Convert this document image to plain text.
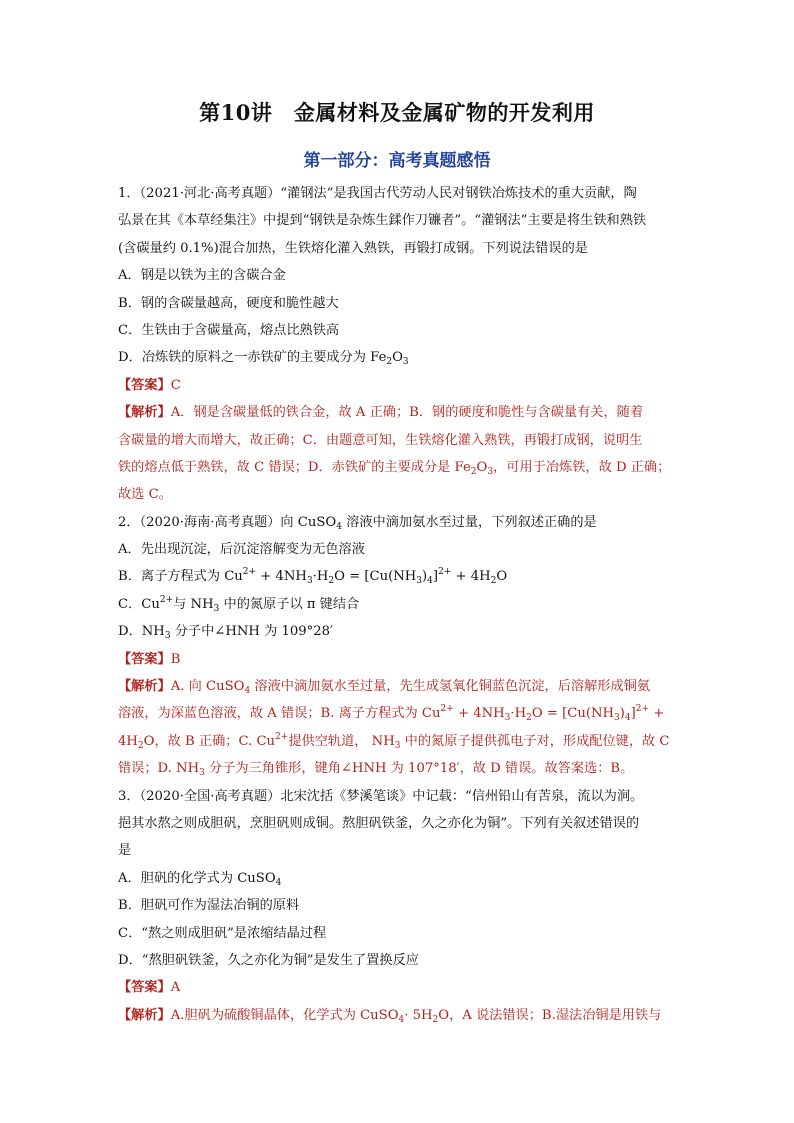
第10讲　金属材料及金属矿物的开发利用
第一部分：高考真题感悟
1．（2021·河北·高考真题）“灌钢法”是我国古代劳动人民对钢铁冶炼技术的重大贡献，陶
弘景在其《本草经集注》中提到“钢铁是杂炼生鍒作刀镰者”。“灌钢法”主要是将生铁和熟铁
(含碳量约 0.1%)混合加热，生铁熔化灌入熟铁，再锻打成钢。下列说法错误的是
A．钢是以铁为主的含碳合金
B．钢的含碳量越高，硬度和脆性越大
C．生铁由于含碳量高，熔点比熟铁高
D．冶炼铁的原料之一赤铁矿的主要成分为 $Fe_2O_3$
【答案】C
【解析】A．钢是含碳量低的铁合金，故 A 正确；B．钢的硬度和脆性与含碳量有关，随着
含碳量的增大而增大，故正确；C．由题意可知，生铁熔化灌入熟铁，再锻打成钢，说明生
铁的熔点低于熟铁，故 C 错误；D．赤铁矿的主要成分是 $Fe_2O_3$，可用于冶炼铁，故 D 正确；
故选 C。
2．（2020·海南·高考真题）向 CuSO$_4$ 溶液中滴加氨水至过量，下列叙述正确的是
A．先出现沉淀，后沉淀溶解变为无色溶液
B．离子方程式为 $Cu^{2+} + 4NH_3\cdot H_2O = [Cu(NH_3)_4]^{2+} + 4H_2O$
C．$Cu^{2+}$与 $NH_3$ 中的氮原子以 π 键结合
D．$NH_3$ 分子中∠HNH 为 109°28′
【答案】B
【解析】A. 向 CuSO$_4$ 溶液中滴加氨水至过量，先生成氢氧化铜蓝色沉淀，后溶解形成铜氨
溶液，为深蓝色溶液，故 A 错误；B. 离子方程式为 $Cu^{2+} + 4NH_3\cdot H_2O = [Cu(NH_3)_4]^{2+}$ +
$4H_2O$，故 B 正确；C. $Cu^{2+}$提供空轨道， $NH_3$ 中的氮原子提供孤电子对，形成配位键，故 C
错误；D. $NH_3$ 分子为三角锥形，键角∠HNH 为 107°18′，故 D 错误。故答案选：B。
3．（2020·全国·高考真题）北宋沈括《梦溪笔谈》中记载：“信州铅山有苦泉，流以为涧。
挹其水熬之则成胆矾，烹胆矾则成铜。熬胆矾铁釜，久之亦化为铜”。下列有关叙述错误的
是
A．胆矾的化学式为 CuSO$_4$
B．胆矾可作为湿法冶铜的原料
C．“熬之则成胆矾”是浓缩结晶过程
D．“熬胆矾铁釜，久之亦化为铜”是发生了置换反应
【答案】A
【解析】A.胆矾为硫酸铜晶体，化学式为 CuSO$_4$· $5H_2O$，A 说法错误；B.湿法冶铜是用铁与
